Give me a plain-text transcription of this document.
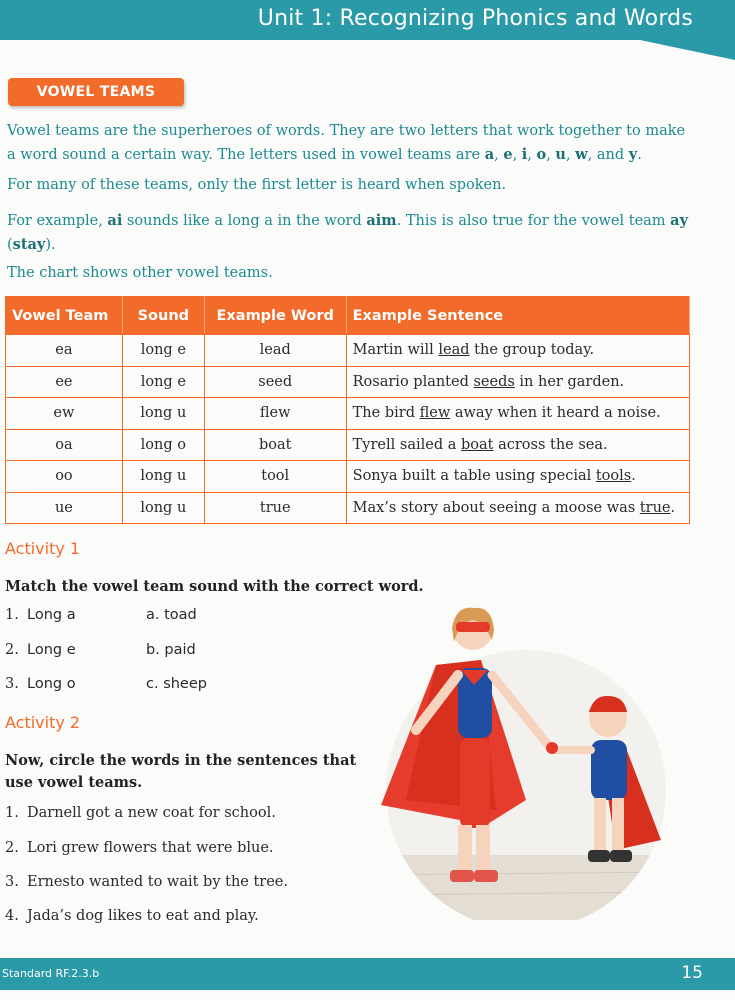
Unit 1: Recognizing Phonics and Words
VOWEL TEAMS
Vowel teams are the superheroes of words. They are two letters that work together to make a word sound a certain way. The letters used in vowel teams are a, e, i, o, u, w, and y.
For many of these teams, only the first letter is heard when spoken.
For example, ai sounds like a long a in the word aim. This is also true for the vowel team ay
(stay).
The chart shows other vowel teams.
Vowel Team	Sound	Example Word	Example Sentence
ea	long e	lead	Martin will lead the group today.
ee	long e	seed	Rosario planted seeds in her garden.
ew	long u	flew	The bird flew away when it heard a noise.
oa	long o	boat	Tyrell sailed a boat across the sea.
oo	long u	tool	Sonya built a table using special tools.
ue	long u	true	Max’s story about seeing a moose was true.
Activity 1
Match the vowel team sound with the correct word.
1. Long a	a. toad
2. Long e	b. paid
3. Long o	c. sheep
Activity 2
Now, circle the words in the sentences that
use vowel teams.
1. Darnell got a new coat for school.
2. Lori grew flowers that were blue.
3. Ernesto wanted to wait by the tree.
4. Jada’s dog likes to eat and play.
Standard RF.2.3.b	15
